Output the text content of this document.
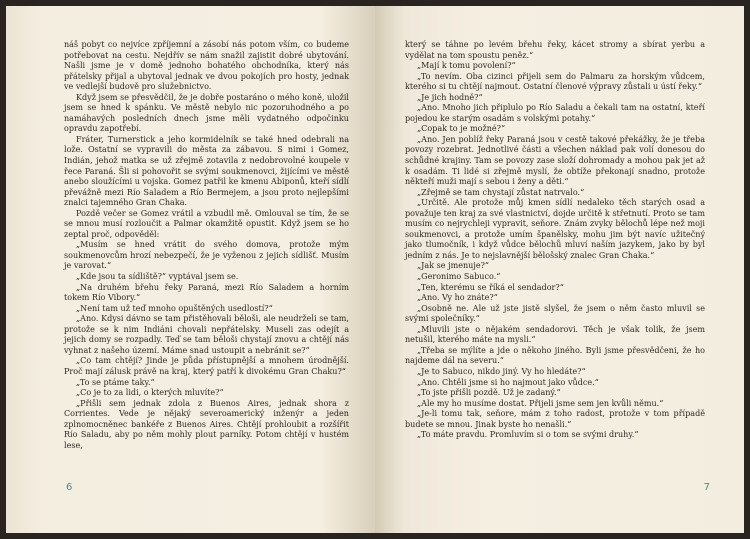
náš pobyt co nejvíce zpříjemní a zásobí nás potom vším, co budeme potřebovat na cestu. Nejdřív se nám snažil zajistit dobré ubytování. Našli jsme je v domě jednoho bohatého obchodníka, který nás přátelsky přijal a ubytoval jednak ve dvou pokojích pro hosty, jednak ve vedlejší budově pro služebnictvo.

Když jsem se přesvědčil, že je dobře postaráno o mého koně, uložil jsem se hned k spánku. Ve městě nebylo nic pozoruhodného a po namáhavých posledních dnech jsme měli vydatného odpočinku opravdu zapotřebí.

Fráter, Turnerstick a jeho kormidelník se také hned odebrali na lože. Ostatní se vypravili do města za zábavou. S nimi i Gomez, Indián, jehož matka se už zřejmě zotavila z nedobrovolné koupele v řece Paraná. Šli si pohovořit se svými soukmenovci, žijícími ve městě anebo sloužícími u vojska. Gomez patřil ke kmenu Abiponů, kteří sídlí převážně mezi Río Saladem a Río Bermejem, a jsou proto nejlepšími znalci tajemného Gran Chaka.

Pozdě večer se Gomez vrátil a vzbudil mě. Omlouval se tím, že se se mnou musí rozloučit a Palmar okamžitě opustit. Když jsem se ho zeptal proč, odpověděl:

„Musím se hned vrátit do svého domova, protože mým soukmenovcům hrozí nebezpečí, že je vyženou z jejich sídlišť. Musím je varovat.“

„Kde jsou ta sídliště?“ vyptával jsem se.

„Na druhém břehu řeky Paraná, mezi Río Saladem a horním tokem Río Vibory.“

„Není tam už teď mnoho opuštěných usedlostí?“

„Ano. Kdysi dávno se tam přistěhovali běloši, ale neudrželi se tam, protože se k nim Indiáni chovali nepřátelsky. Museli zas odejít a jejich domy se rozpadly. Teď se tam běloši chystají znovu a chtějí nás vyhnat z našeho území. Máme snad ustoupit a nebránit se?“

„Co tam chtějí? Jinde je půda přístupnější a mnohem úrodnější. Proč mají zálusk právě na kraj, který patří k divokému Gran Chaku?“

„To se ptáme taky.“

„Co je to za lidi, o kterých mluvíte?“

„Přišli sem jednak zdola z Buenos Aires, jednak shora z Corrientes. Vede je nějaký severoamerický inženýr a jeden zplnomocněnec bankéře z Buenos Aires. Chtějí prohloubit a rozšířit Río Saladu, aby po něm mohly plout parníky. Potom chtějí v hustém lese,

6

který se táhne po levém břehu řeky, kácet stromy a sbírat yerbu a vydělat na tom spoustu peněz.“

„Mají k tomu povolení?“

„To nevím. Oba cizinci přijeli sem do Palmaru za horským vůdcem, kterého si tu chtějí najmout. Ostatní členové výpravy zůstali u ústí řeky.“

„Je jich hodně?“

„Ano. Mnoho jich připlulo po Río Saladu a čekali tam na ostatní, kteří pojedou ke starým osadám s volskými potahy.“

„Copak to je možné?“

„Ano. Jen poblíž řeky Paraná jsou v cestě takové překážky, že je třeba povozy rozebrat. Jednotlivé části a všechen náklad pak volí donesou do schůdné krajiny. Tam se povozy zase složí dohromady a mohou pak jet až k osadám. Ti lidé si zřejmě myslí, že obtíže překonají snadno, protože někteří muži mají s sebou i ženy a děti.“

„Zřejmě se tam chystají zůstat natrvalo.“

„Určitě. Ale protože můj kmen sídlí nedaleko těch starých osad a považuje ten kraj za své vlastnictví, dojde určitě k střetnutí. Proto se tam musím co nejrychleji vypravit, seňore. Znám zvyky bělochů lépe než moji soukmenovci, a protože umím španělsky, mohu jim být navíc užitečný jako tlumočník, i když vůdce bělochů mluví naším jazykem, jako by byl jedním z nás. Je to nejslavnější bělošský znalec Gran Chaka.“

„Jak se jmenuje?“

„Geronimo Sabuco.“

„Ten, kterému se říká el sendador?“

„Ano. Vy ho znáte?“

„Osobně ne. Ale už jste jistě slyšel, že jsem o něm často mluvil se svými společníky.“

„Mluvili jste o nějakém sendadorovi. Těch je však tolik, že jsem netušil, kterého máte na mysli.“

„Třeba se mýlíte a jde o někoho jiného. Byli jsme přesvědčeni, že ho najdeme dál na severu.“

„Je to Sabuco, nikdo jiný. Vy ho hledáte?“

„Ano. Chtěli jsme si ho najmout jako vůdce.“

„To jste přišli pozdě. Už je zadaný.“

„Ale my ho musíme dostat. Přijeli jsme sem jen kvůli němu.“

„Je-li tomu tak, seňore, mám z toho radost, protože v tom případě budete se mnou. Jinak byste ho nenašli.“

„To máte pravdu. Promluvím si o tom se svými druhy.“

7
